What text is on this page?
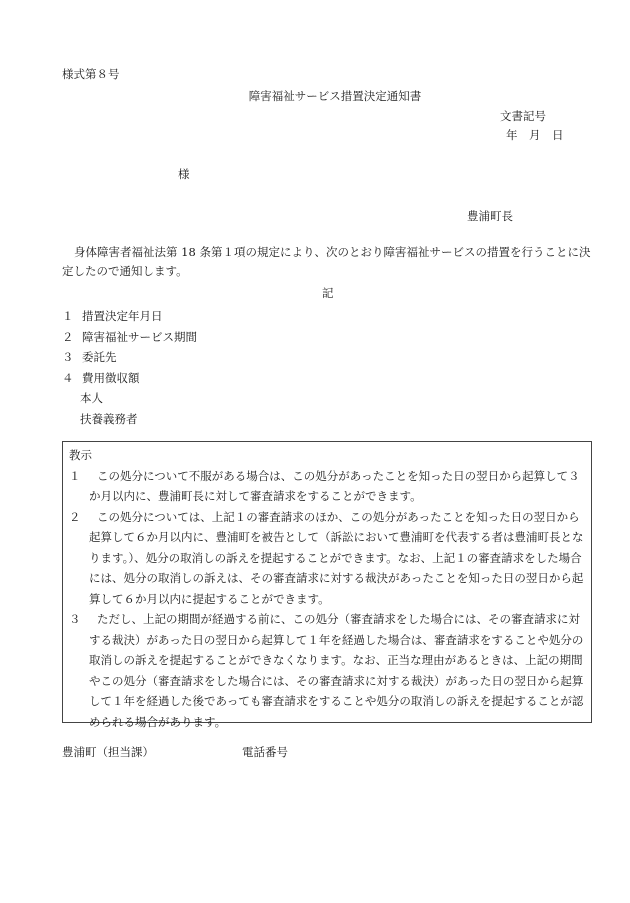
様式第８号
障害福祉サービス措置決定通知書
文書記号
年　月　日
様
豊浦町長
身体障害者福祉法第 18 条第１項の規定により、次のとおり障害福祉サービスの措置を行うことに決定したので通知します。
記
１ 措置決定年月日
２ 障害福祉サービス期間
３ 委託先
４ 費用徴収額
本人
扶養義務者
教示
１	この処分について不服がある場合は、この処分があったことを知った日の翌日から起算して３か月以内に、豊浦町長に対して審査請求をすることができます。
２	この処分については、上記１の審査請求のほか、この処分があったことを知った日の翌日から起算して６か月以内に、豊浦町を被告として（訴訟において豊浦町を代表する者は豊浦町長となります。）、処分の取消しの訴えを提起することができます。なお、上記１の審査請求をした場合には、処分の取消しの訴えは、その審査請求に対する裁決があったことを知った日の翌日から起算して６か月以内に提起することができます。
３	ただし、上記の期間が経過する前に、この処分（審査請求をした場合には、その審査請求に対する裁決）があった日の翌日から起算して１年を経過した場合は、審査請求をすることや処分の取消しの訴えを提起することができなくなります。なお、正当な理由があるときは、上記の期間やこの処分（審査請求をした場合には、その審査請求に対する裁決）があった日の翌日から起算して１年を経過した後であっても審査請求をすることや処分の取消しの訴えを提起することが認められる場合があります。
豊浦町（担当課）	電話番号
